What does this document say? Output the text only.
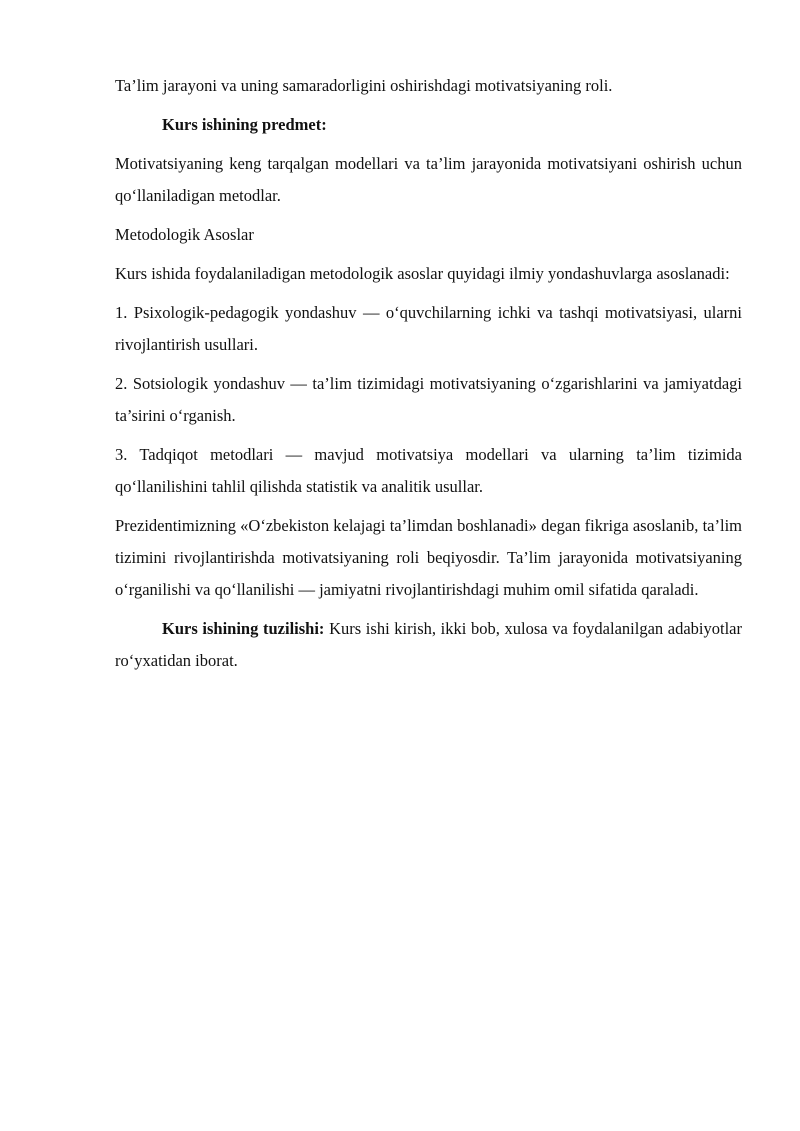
Ta’lim jarayoni va uning samaradorligini oshirishdagi motivatsiyaning roli.

Kurs ishining predmet:

Motivatsiyaning keng tarqalgan modellari va ta’lim jarayonida motivatsiyani oshirish uchun qo‘llaniladigan metodlar.

Metodologik Asoslar

Kurs ishida foydalaniladigan metodologik asoslar quyidagi ilmiy yondashuvlarga asoslanadi:

1. Psixologik-pedagogik yondashuv — o‘quvchilarning ichki va tashqi motivatsiyasi, ularni rivojlantirish usullari.

2. Sotsiologik yondashuv — ta’lim tizimidagi motivatsiyaning o‘zgarishlarini va jamiyatdagi ta’sirini o‘rganish.

3. Tadqiqot metodlari — mavjud motivatsiya modellari va ularning ta’lim tizimida qo‘llanilishini tahlil qilishda statistik va analitik usullar.

Prezidentimizning «O‘zbekiston kelajagi ta’limdan boshlanadi» degan fikriga asoslanib, ta’lim tizimini rivojlantirishda motivatsiyaning roli beqiyosdir. Ta’lim jarayonida motivatsiyaning o‘rganilishi va qo‘llanilishi — jamiyatni rivojlantirishdagi muhim omil sifatida qaraladi.

Kurs ishining tuzilishi: Kurs ishi kirish, ikki bob, xulosa va foydalanilgan adabiyotlar ro‘yxatidan iborat.
